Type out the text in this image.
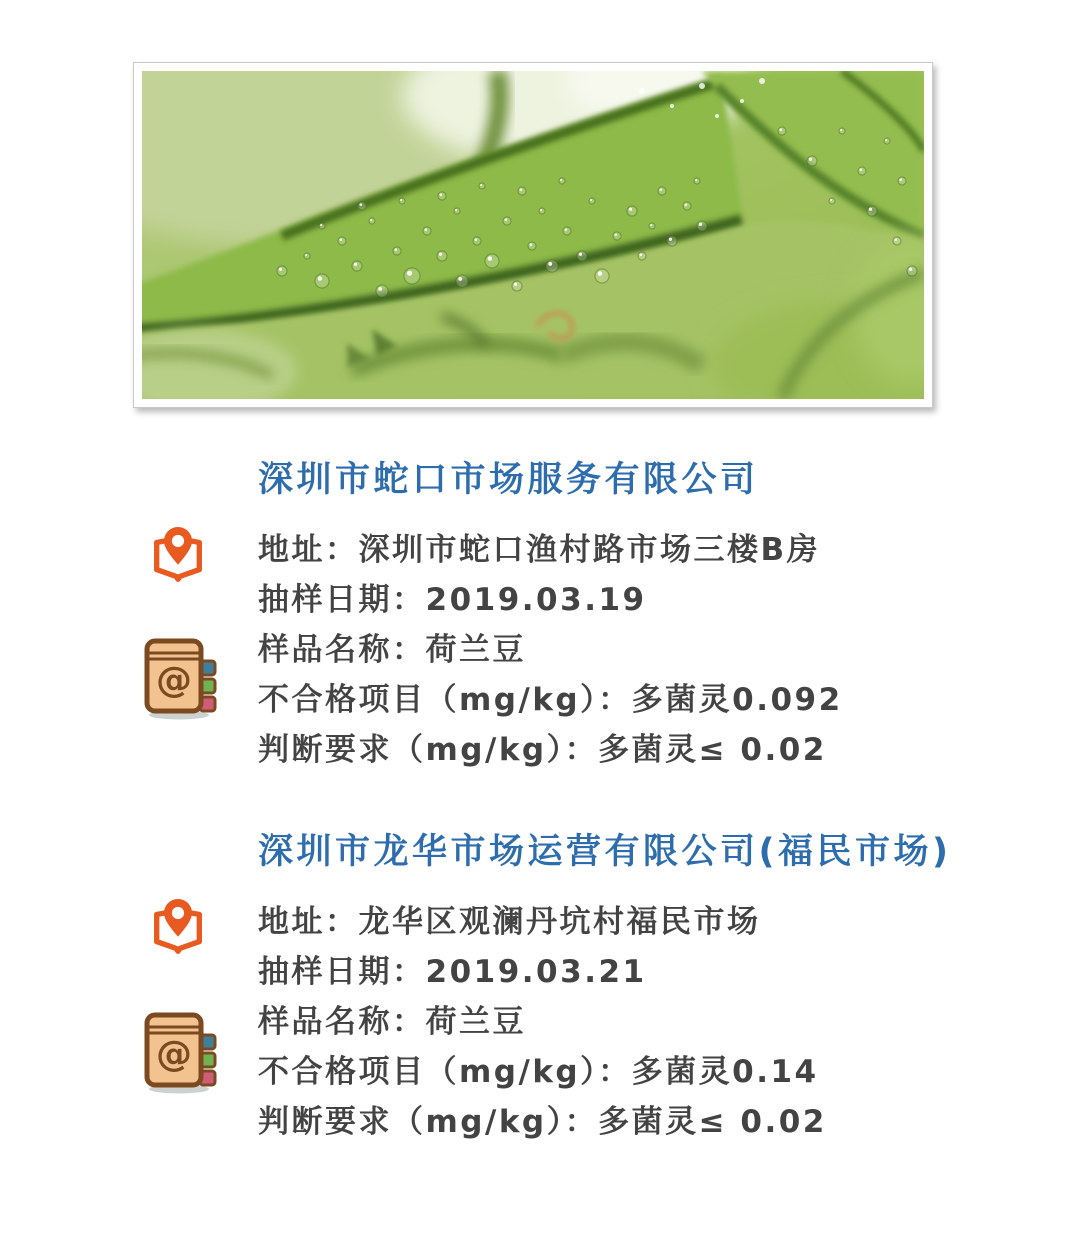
深圳市蛇口市场服务有限公司
地址：深圳市蛇口渔村路市场三楼B房
抽样日期：2019.03.19
样品名称：荷兰豆
不合格项目（mg/kg）：多菌灵0.092
判断要求（mg/kg）：多菌灵≤ 0.02
深圳市龙华市场运营有限公司(福民市场)
地址：龙华区观澜丹坑村福民市场
抽样日期：2019.03.21
样品名称：荷兰豆
不合格项目（mg/kg）：多菌灵0.14
判断要求（mg/kg）：多菌灵≤ 0.02
